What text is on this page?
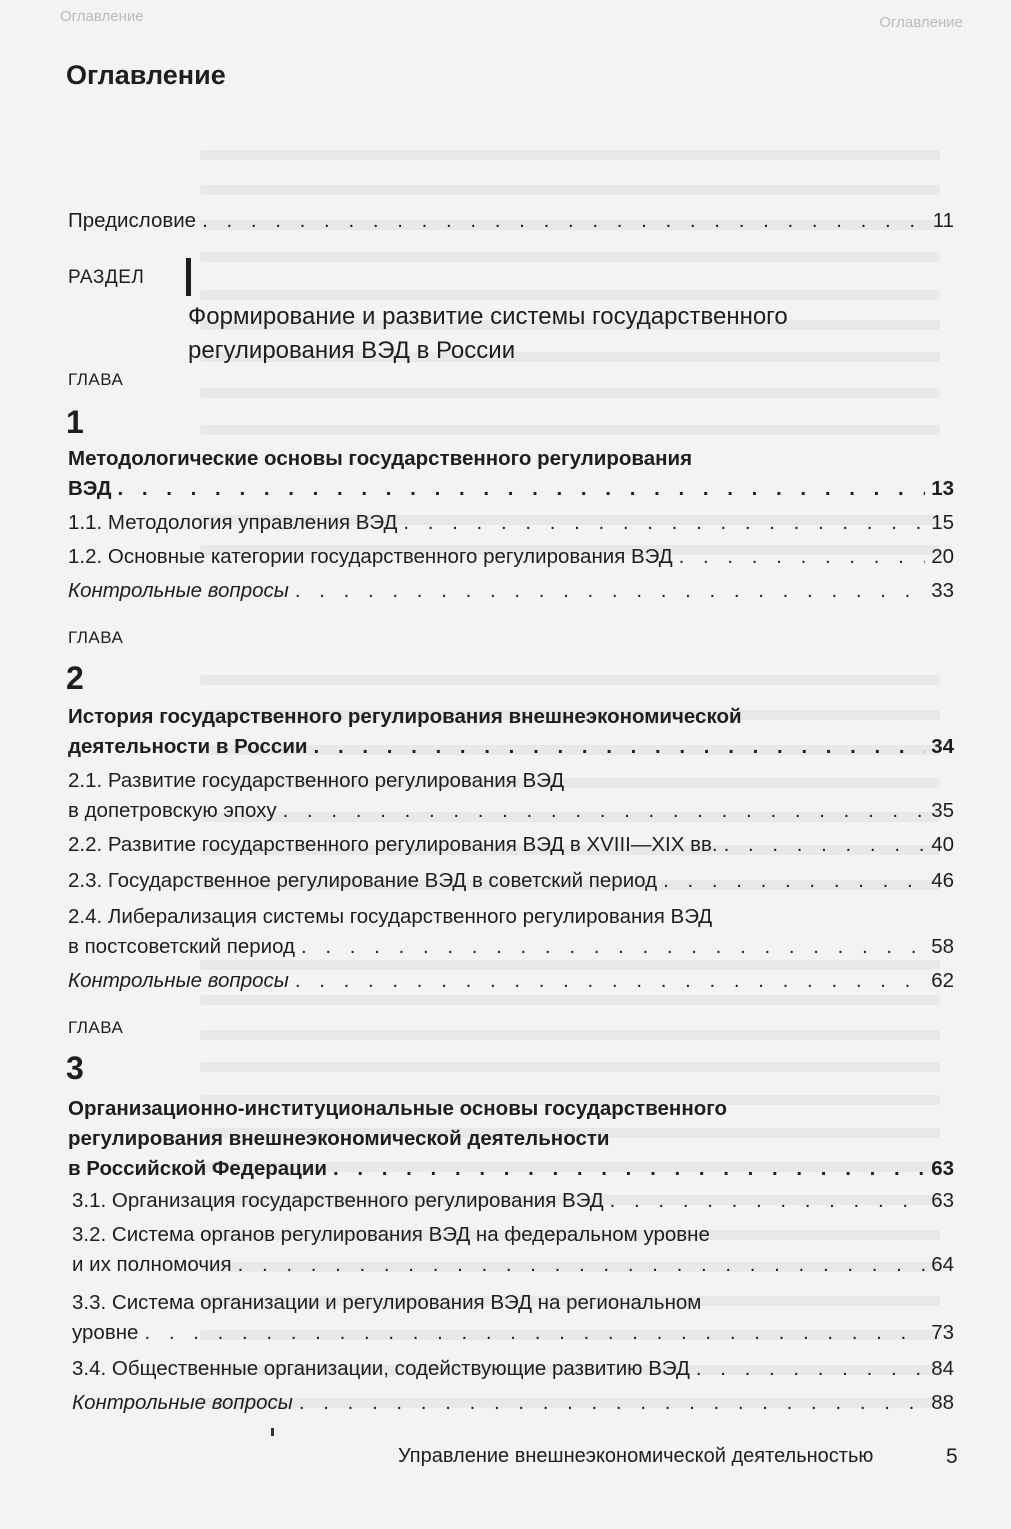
Оглавление	Оглавление
Оглавление
Предисловие . . .	11
РАЗДЕЛ
Формирование и развитие системы государственного регулирования ВЭД в России
ГЛАВА
1
Методологические основы государственного регулирования
ВЭД . . .	13
1.1. Методология управления ВЭД . . .	15
1.2. Основные категории государственного регулирования ВЭД . . .	20
Контрольные вопросы . . .	33
ГЛАВА
2
История государственного регулирования внешнеэкономической
деятельности в России . . .	34
2.1. Развитие государственного регулирования ВЭД
в допетровскую эпоху . . .	35
2.2. Развитие государственного регулирования ВЭД в XVIII—XIX вв. . . .	40
2.3. Государственное регулирование ВЭД в советский период . . .	46
2.4. Либерализация системы государственного регулирования ВЭД
в постсоветский период . . .	58
Контрольные вопросы . . .	62
ГЛАВА
3
Организационно-институциональные основы государственного
регулирования внешнеэкономической деятельности
в Российской Федерации . . .	63
3.1. Организация государственного регулирования ВЭД . . .	63
3.2. Система органов регулирования ВЭД на федеральном уровне
и их полномочия . . .	64
3.3. Система организации и регулирования ВЭД на региональном
уровне . . .	73
3.4. Общественные организации, содействующие развитию ВЭД . . .	84
Контрольные вопросы . . .	88
Управление внешнеэкономической деятельностью	5
